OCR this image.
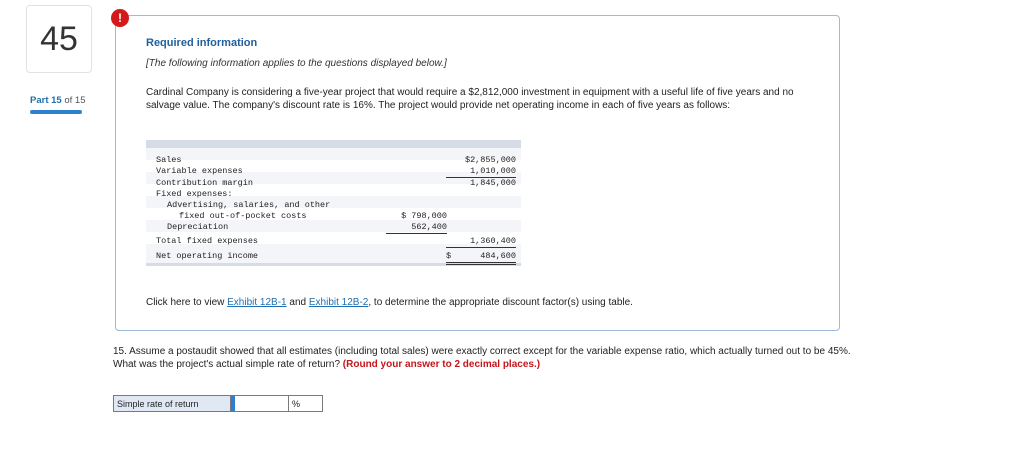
45
Part 15 of 15
Required information
[The following information applies to the questions displayed below.]
Cardinal Company is considering a five-year project that would require a $2,812,000 investment in equipment with a useful life of five years and no salvage value. The company's discount rate is 16%. The project would provide net operating income in each of five years as follows:
Sales	$2,855,000
Variable expenses	1,010,000
Contribution margin	1,845,000
Fixed expenses:
Advertising, salaries, and other
fixed out-of-pocket costs	$ 798,000
Depreciation	562,400
Total fixed expenses	1,360,400
Net operating income	$	484,600
Click here to view Exhibit 12B-1 and Exhibit 12B-2, to determine the appropriate discount factor(s) using table.
!
15. Assume a postaudit showed that all estimates (including total sales) were exactly correct except for the variable expense ratio, which actually turned out to be 45%. What was the project's actual simple rate of return? (Round your answer to 2 decimal places.)
Simple rate of return	%
